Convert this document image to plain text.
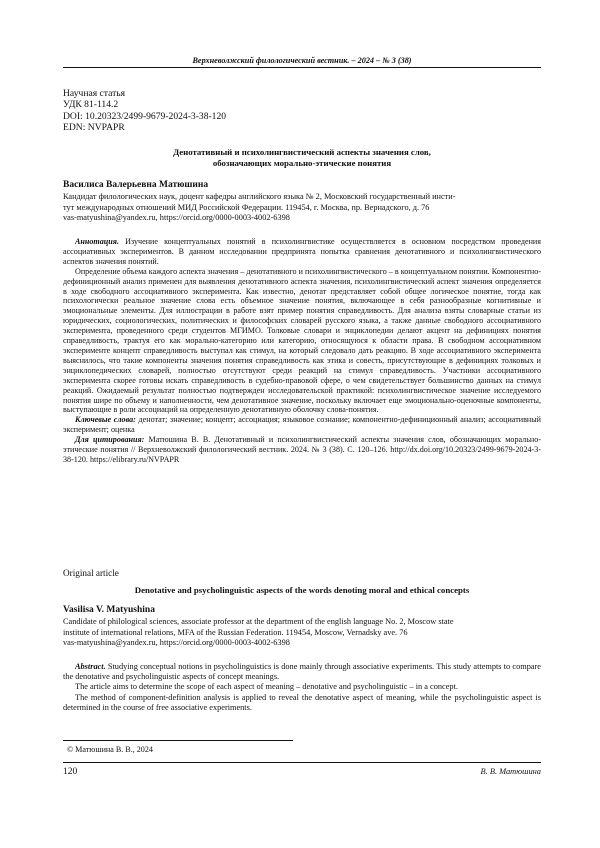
Верхневолжский филологический вестник. – 2024 – № 3 (38)
Научная статья
УДК 81-114.2
DOI: 10.20323/2499-9679-2024-3-38-120
EDN: NVPAPR
Денотативный и психолингвистический аспекты значения слов,
обозначающих морально-этические понятия
Василиса Валерьевна Матюшина
Кандидат филологических наук, доцент кафедры английского языка № 2, Московский государственный инсти-
тут международных отношений МИД Российской Федерации. 119454, г. Москва, пр. Вернадского, д. 76
vas-matyushina@yandex.ru, https://orcid.org/0000-0003-4002-6398

Аннотация. Изучение концептуальных понятий в психолингвистике осуществляется в основном посредством проведения ассоциативных экспериментов. В данном исследовании предпринята попытка сравнения денотативного и психолингвистического аспектов значения понятий.

Определение объема каждого аспекта значения – денотативного и психолингвистического – в концептуальном понятии. Компонентно-дефиниционный анализ применен для выявления денотативного аспекта значения, психолингвистический аспект значения определяется в ходе свободного ассоциативного эксперимента. Как известно, денотат представляет собой общее логическое понятие, тогда как психологически реальное значение слова есть объемное значение понятия, включающее в себя разнообразные когнитивные и эмоциональные элементы. Для иллюстрации в работе взят пример понятия справедливость. Для анализа взяты словарные статьи из юридических, социологических, политических и философских словарей русского языка, а также данные свободного ассоциативного эксперимента, проведенного среди студентов МГИМО. Толковые словари и энциклопедии делают акцент на дефинициях понятия справедливость, трактуя его как морально-категорию или категорию, относящуюся к области права. В свободном ассоциативном эксперименте концепт справедливость выступал как стимул, на который следовало дать реакцию. В ходе ассоциативного эксперимента выяснилось, что такие компоненты значения понятия справедливость как этика и совесть, присутствующие в дефинициях толковых и энциклопедических словарей, полностью отсутствуют среди реакций на стимул справедливость. Участники ассоциативного эксперимента скорее готовы искать справедливость в судебно-правовой сфере, о чем свидетельствует большинство данных на стимул реакций. Ожидаемый результат полностью подтвержден исследовательской практикой: психолингвистическое значение исследуемого понятия шире по объему и наполненности, чем денотативное значение, поскольку включает еще эмоционально-оценочные компоненты, выступающие в роли ассоциаций на определенную денотативную оболочку слова-понятия.

Ключевые слова: денотат; значение; концепт; ассоциация; языковое сознание; компонентно-дефиниционный анализ; ассоциативный эксперимент; оценка

Для цитирования: Матюшина В. В. Денотативный и психолингвистический аспекты значения слов, обозначающих морально-этические понятия // Верхневолжский филологический вестник. 2024. № 3 (38). С. 120–126. http://dx.doi.org/10.20323/2499-9679-2024-3-38-120. https://elibrary.ru/NVPAPR

Original article
Denotative and psycholinguistic aspects of the words denoting moral and ethical concepts
Vasilisa V. Matyushina
Candidate of philological sciences, associate professor at the department of the english language No. 2, Moscow state
institute of international relations, MFA of the Russian Federation. 119454, Moscow, Vernadsky ave. 76
vas-matyushina@yandex.ru, https://orcid.org/0000-0003-4002-6398

Abstract. Studying conceptual notions in psycholinguistics is done mainly through associative experiments. This study attempts to compare the denotative and psycholinguistic aspects of concept meanings.

The article aims to determine the scope of each aspect of meaning – denotative and psycholinguistic – in a concept.

The method of component-definition analysis is applied to reveal the denotative aspect of meaning, while the psycholinguistic aspect is determined in the course of free associative experiments.

© Матюшина В. В., 2024
120	В. В. Матюшина
